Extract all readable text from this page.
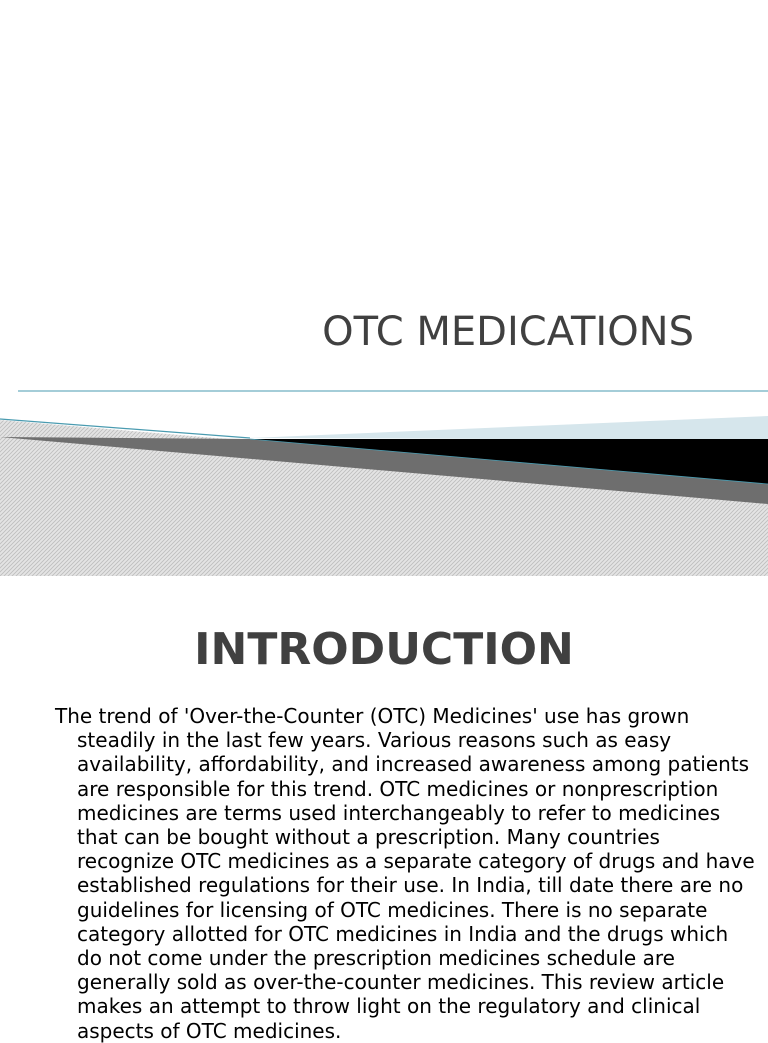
OTC MEDICATIONS
INTRODUCTION

The trend of 'Over-the-Counter (OTC) Medicines' use has grown steadily in the last few years. Various reasons such as easy availability, affordability, and increased awareness among patients are responsible for this trend. OTC medicines or nonprescription medicines are terms used interchangeably to refer to medicines that can be bought without a prescription. Many countries recognize OTC medicines as a separate category of drugs and have established regulations for their use. In India, till date there are no guidelines for licensing of OTC medicines. There is no separate category allotted for OTC medicines in India and the drugs which do not come under the prescription medicines schedule are generally sold as over-the-counter medicines. This review article makes an attempt to throw light on the regulatory and clinical aspects of OTC medicines.
